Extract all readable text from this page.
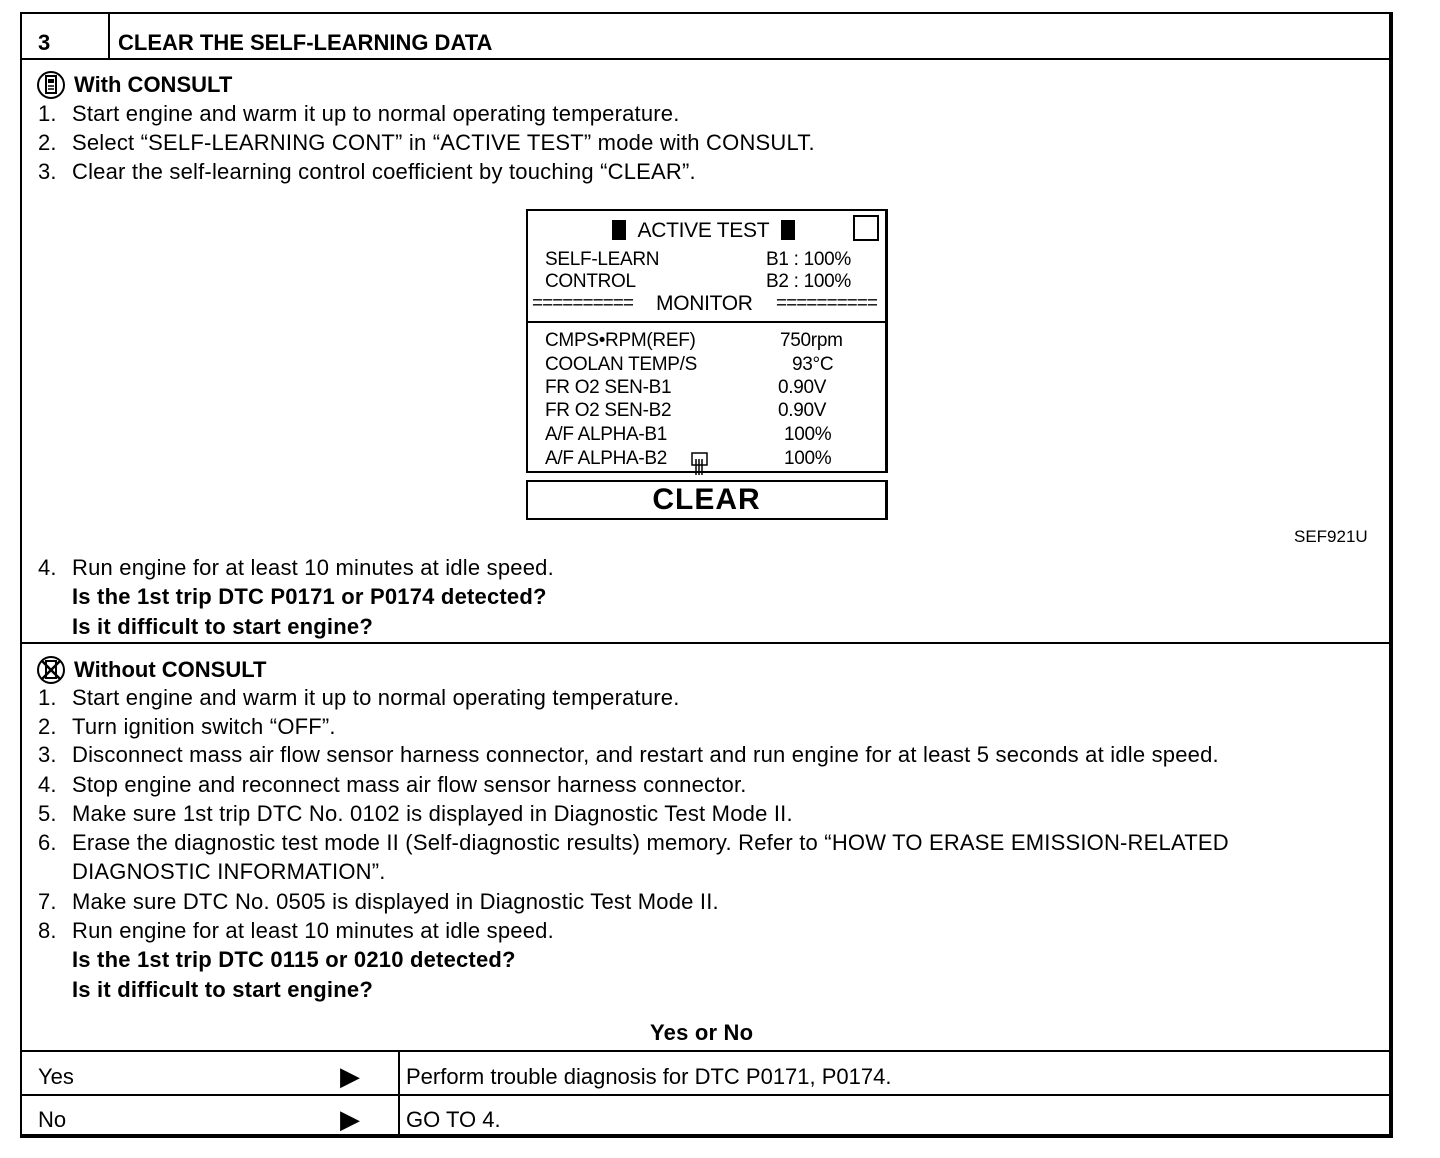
3	CLEAR THE SELF-LEARNING DATA
With CONSULT
1. Start engine and warm it up to normal operating temperature.
2. Select “SELF-LEARNING CONT” in “ACTIVE TEST” mode with CONSULT.
3. Clear the self-learning control coefficient by touching “CLEAR”.
ACTIVE TEST
SELF-LEARN	B1 : 100%
CONTROL	B2 : 100%
========== MONITOR ==========
CMPS•RPM(REF)	750rpm
COOLAN TEMP/S	93°C
FR O2 SEN-B1	0.90V
FR O2 SEN-B2	0.90V
A/F ALPHA-B1	100%
A/F ALPHA-B2	100%
CLEAR
SEF921U
4. Run engine for at least 10 minutes at idle speed.
Is the 1st trip DTC P0171 or P0174 detected?
Is it difficult to start engine?
Without CONSULT
1. Start engine and warm it up to normal operating temperature.
2. Turn ignition switch “OFF”.
3. Disconnect mass air flow sensor harness connector, and restart and run engine for at least 5 seconds at idle speed.
4. Stop engine and reconnect mass air flow sensor harness connector.
5. Make sure 1st trip DTC No. 0102 is displayed in Diagnostic Test Mode II.
6. Erase the diagnostic test mode II (Self-diagnostic results) memory. Refer to “HOW TO ERASE EMISSION-RELATED
DIAGNOSTIC INFORMATION”.
7. Make sure DTC No. 0505 is displayed in Diagnostic Test Mode II.
8. Run engine for at least 10 minutes at idle speed.
Is the 1st trip DTC 0115 or 0210 detected?
Is it difficult to start engine?
Yes or No
Yes	▶ Perform trouble diagnosis for DTC P0171, P0174.
No	▶ GO TO 4.
